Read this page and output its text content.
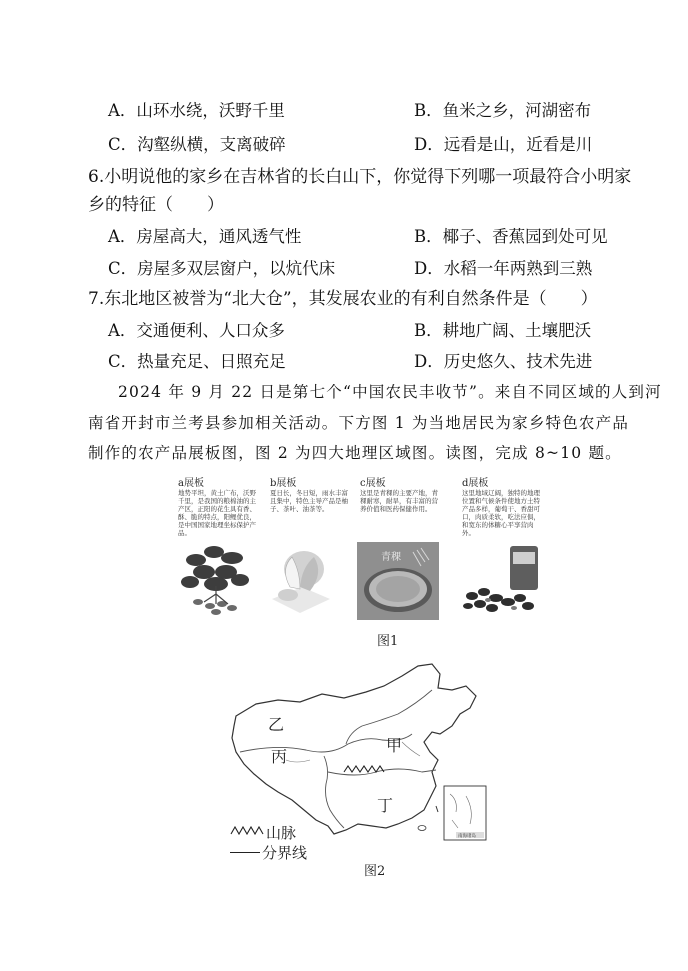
A．山环水绕，沃野千里	B．鱼米之乡，河湖密布
C．沟壑纵横，支离破碎	D．远看是山，近看是川
6.小明说他的家乡在吉林省的长白山下，你觉得下列哪一项最符合小明家
乡的特征（　　）
A．房屋高大，通风透气性	B．椰子、香蕉园到处可见
C．房屋多双层窗户，以炕代床	D．水稻一年两熟到三熟
7.东北地区被誉为“北大仓”，其发展农业的有利自然条件是（　　）
A．交通便利、人口众多	B．耕地广阔、土壤肥沃
C．热量充足、日照充足	D．历史悠久、技术先进
2024 年 9 月 22 日是第七个“中国农民丰收节”。来自不同区域的人到河
南省开封市兰考县参加相关活动。下方图 1 为当地居民为家乡特色农产品
制作的农产品展板图，图 2 为四大地理区域图。读图，完成 8~10 题。
a展板
地势平坦，黄土广布，沃野千里，是我国的粮棉油的主产区，正阳的花生具有香、酥、脆的特点，阳鲤优良，是中国国家地理坐标保护产品。
b展板
夏日长，冬日短，雨水丰富且集中，特色主导产品是柚子、茶叶、油茶等。
c展板
这里是青稞的主要产地，青稞耐寒，耐旱，有丰富的营养价值和医药保健作用。
青稞
d展板
这里地域辽阔，独特的地理位置和气候条件使地方土特产品多样，葡萄干、香甜可口，肉质柔软，吃法应俱，和宽东的体糖心平享营肉外。
图1
南海诸岛
乙
丙
甲
丁
山脉
分界线
图2
